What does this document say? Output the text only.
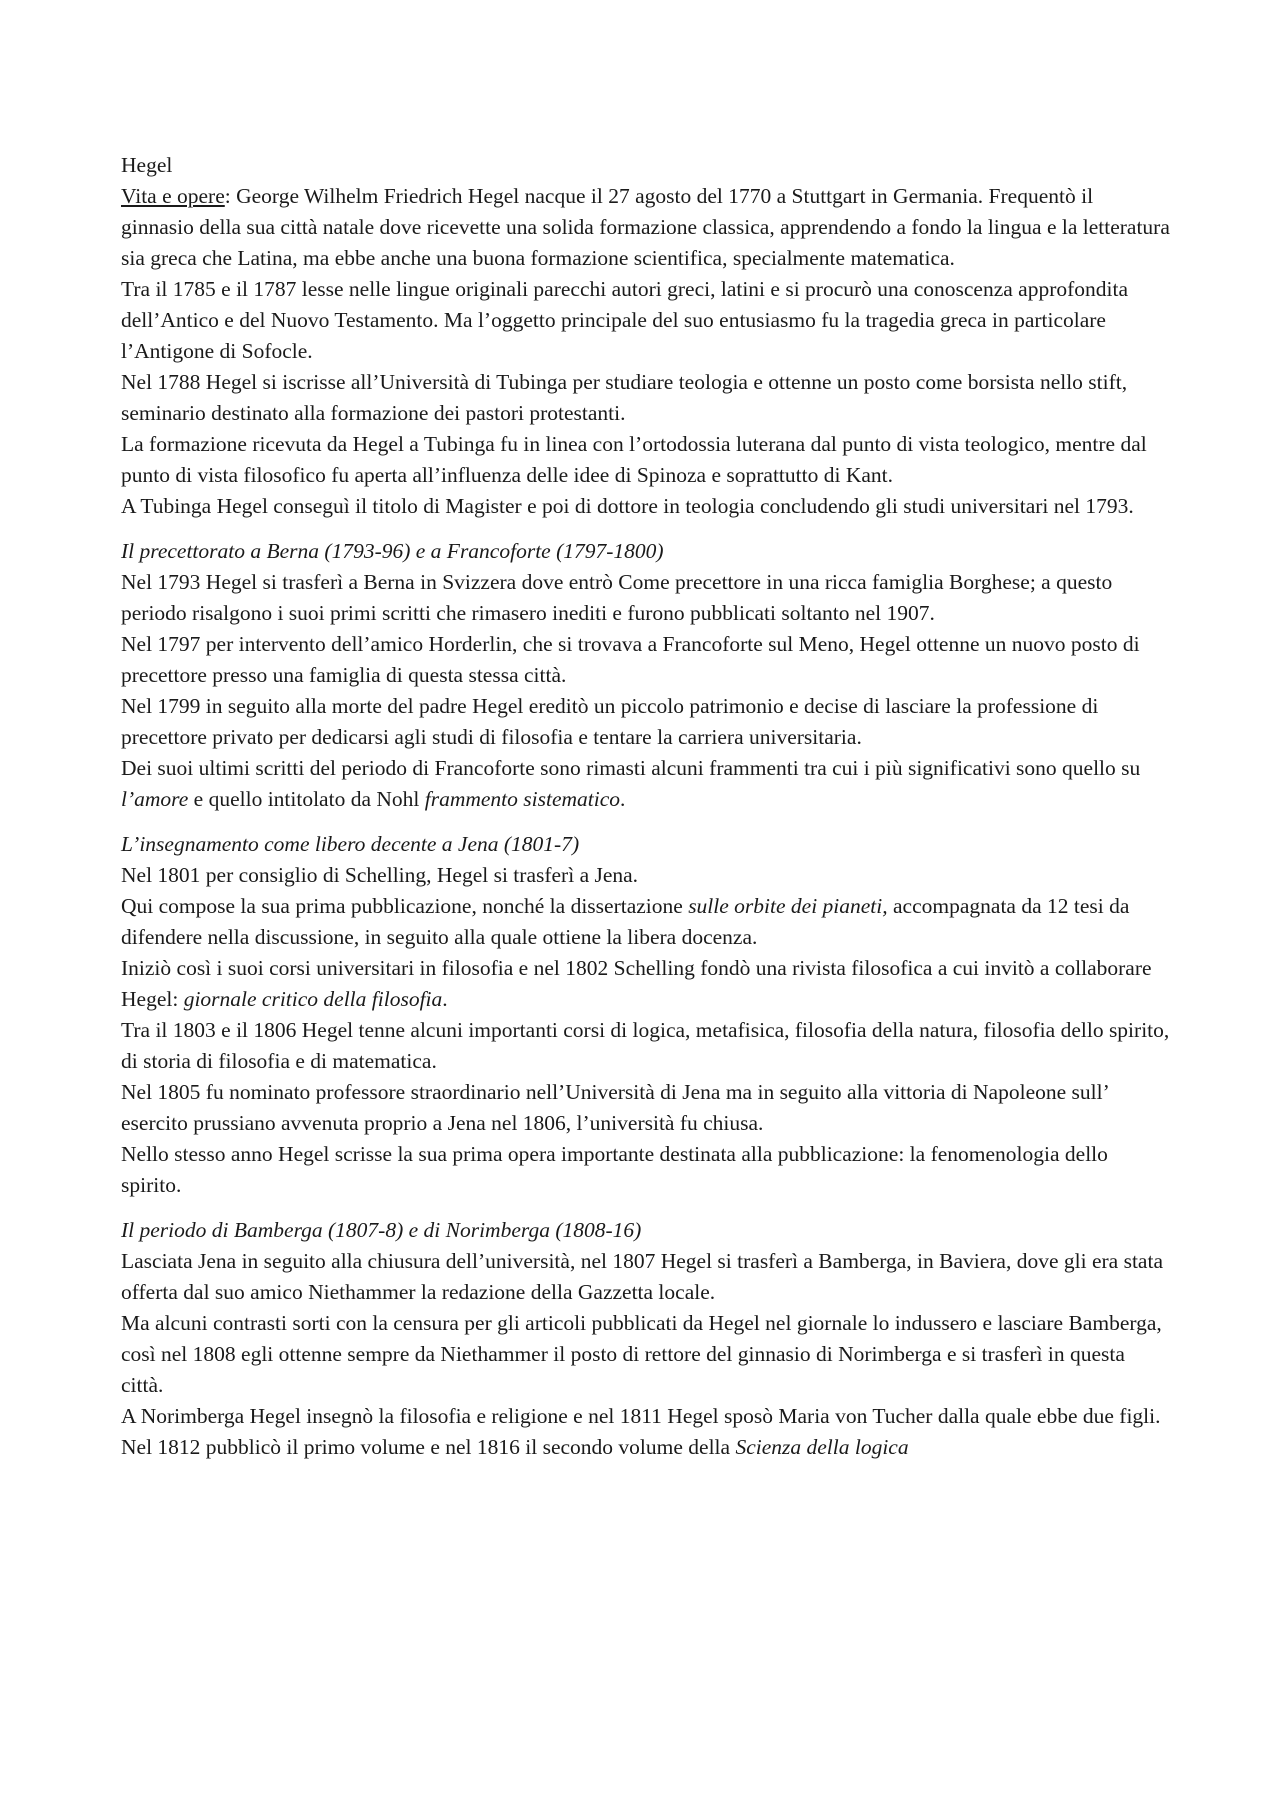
Hegel

Vita e opere: George Wilhelm Friedrich Hegel nacque il 27 agosto del 1770 a Stuttgart in Germania. Frequentò il ginnasio della sua città natale dove ricevette una solida formazione classica, apprendendo a fondo la lingua e la letteratura sia greca che Latina, ma ebbe anche una buona formazione scientifica, specialmente matematica.

Tra il 1785 e il 1787 lesse nelle lingue originali parecchi autori greci, latini e si procurò una conoscenza approfondita dell’Antico e del Nuovo Testamento. Ma l’oggetto principale del suo entusiasmo fu la tragedia greca in particolare l’Antigone di Sofocle.

Nel 1788 Hegel si iscrisse all’Università di Tubinga per studiare teologia e ottenne un posto come borsista nello stift, seminario destinato alla formazione dei pastori protestanti.

La formazione ricevuta da Hegel a Tubinga fu in linea con l’ortodossia luterana dal punto di vista teologico, mentre dal punto di vista filosofico fu aperta all’influenza delle idee di Spinoza e soprattutto di Kant.

A Tubinga Hegel conseguì il titolo di Magister e poi di dottore in teologia concludendo gli studi universitari nel 1793.

Il precettorato a Berna (1793-96) e a Francoforte (1797-1800)

Nel 1793 Hegel si trasferì a Berna in Svizzera dove entrò Come precettore in una ricca famiglia Borghese; a questo periodo risalgono i suoi primi scritti che rimasero inediti e furono pubblicati soltanto nel 1907.

Nel 1797 per intervento dell’amico Horderlin, che si trovava a Francoforte sul Meno, Hegel ottenne un nuovo posto di precettore presso una famiglia di questa stessa città.

Nel 1799 in seguito alla morte del padre Hegel ereditò un piccolo patrimonio e decise di lasciare la professione di precettore privato per dedicarsi agli studi di filosofia e tentare la carriera universitaria.

Dei suoi ultimi scritti del periodo di Francoforte sono rimasti alcuni frammenti tra cui i più significativi sono quello su l’amore e quello intitolato da Nohl frammento sistematico.

L’insegnamento come libero decente a Jena (1801-7)

Nel 1801 per consiglio di Schelling, Hegel si trasferì a Jena.

Qui compose la sua prima pubblicazione, nonché la dissertazione sulle orbite dei pianeti, accompagnata da 12 tesi da difendere nella discussione, in seguito alla quale ottiene la libera docenza.

Iniziò così i suoi corsi universitari in filosofia e nel 1802 Schelling fondò una rivista filosofica a cui invitò a collaborare Hegel: giornale critico della filosofia.

Tra il 1803 e il 1806 Hegel tenne alcuni importanti corsi di logica, metafisica, filosofia della natura, filosofia dello spirito, di storia di filosofia e di matematica.

Nel 1805 fu nominato professore straordinario nell’Università di Jena ma in seguito alla vittoria di Napoleone sull’ esercito prussiano avvenuta proprio a Jena nel 1806, l’università fu chiusa.

Nello stesso anno Hegel scrisse la sua prima opera importante destinata alla pubblicazione: la fenomenologia dello spirito.

Il periodo di Bamberga (1807-8) e di Norimberga (1808-16)

Lasciata Jena in seguito alla chiusura dell’università, nel 1807 Hegel si trasferì a Bamberga, in Baviera, dove gli era stata offerta dal suo amico Niethammer la redazione della Gazzetta locale.

Ma alcuni contrasti sorti con la censura per gli articoli pubblicati da Hegel nel giornale lo indussero e lasciare Bamberga, così nel 1808 egli ottenne sempre da Niethammer il posto di rettore del ginnasio di Norimberga e si trasferì in questa città.

A Norimberga Hegel insegnò la filosofia e religione e nel 1811 Hegel sposò Maria von Tucher dalla quale ebbe due figli.

Nel 1812 pubblicò il primo volume e nel 1816 il secondo volume della Scienza della logica
